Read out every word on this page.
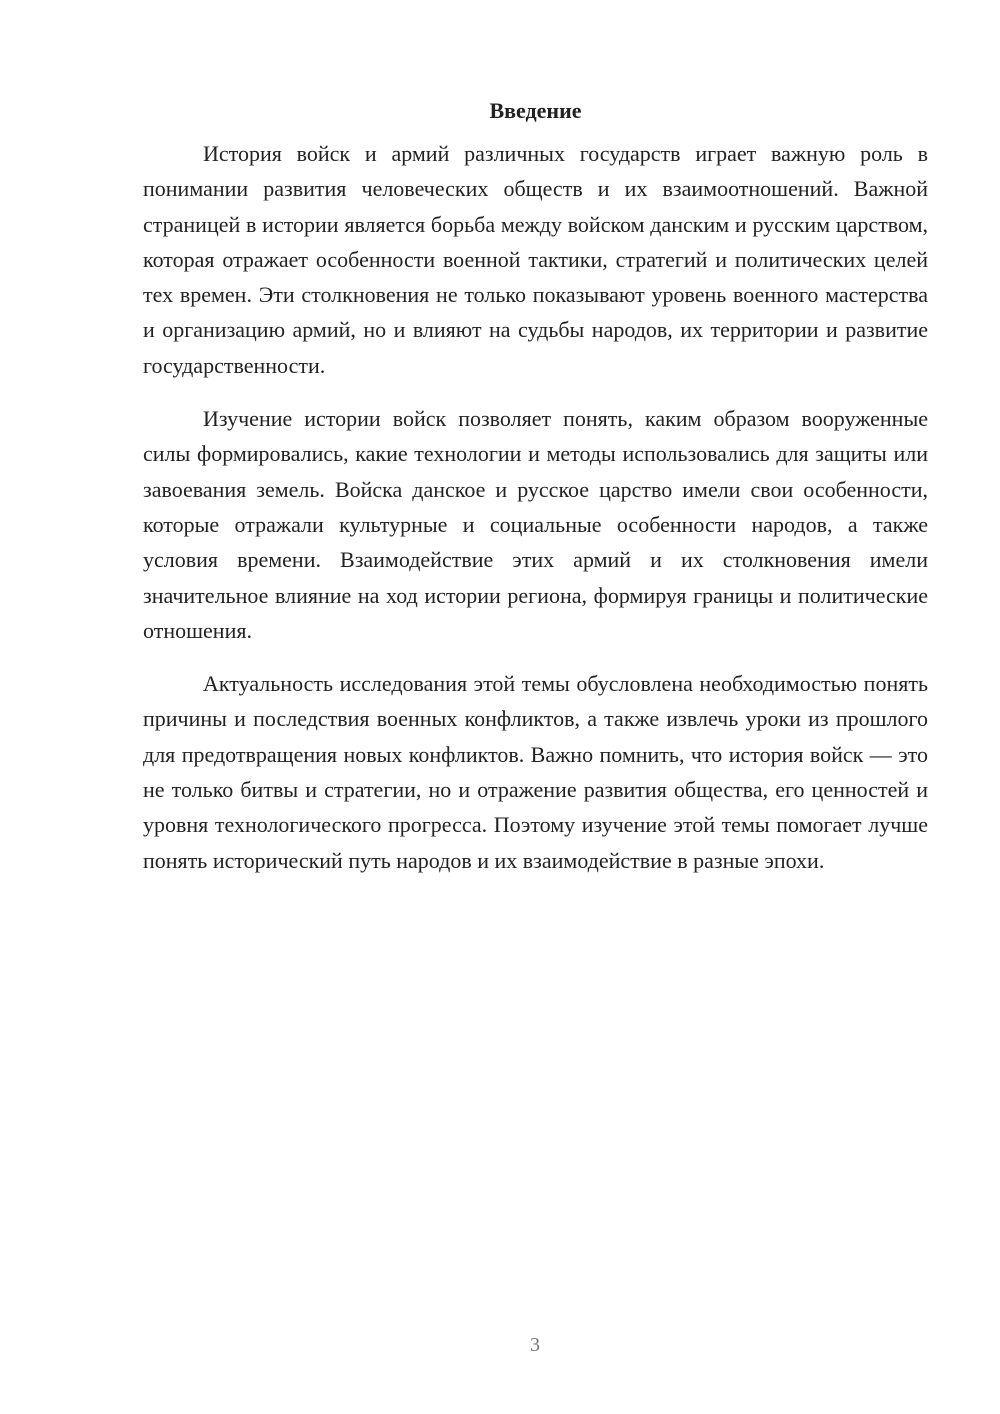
Введение

История войск и армий различных государств играет важную роль в понимании развития человеческих обществ и их взаимоотношений. Важной страницей в истории является борьба между войском данским и русским царством, которая отражает особенности военной тактики, стратегий и политических целей тех времен. Эти столкновения не только показывают уровень военного мастерства и организацию армий, но и влияют на судьбы народов, их территории и развитие государственности.

Изучение истории войск позволяет понять, каким образом вооруженные силы формировались, какие технологии и методы использовались для защиты или завоевания земель. Войска данское и русское царство имели свои особенности, которые отражали культурные и социальные особенности народов, а также условия времени. Взаимодействие этих армий и их столкновения имели значительное влияние на ход истории региона, формируя границы и политические отношения.

Актуальность исследования этой темы обусловлена необходимостью понять причины и последствия военных конфликтов, а также извлечь уроки из прошлого для предотвращения новых конфликтов. Важно помнить, что история войск — это не только битвы и стратегии, но и отражение развития общества, его ценностей и уровня технологического прогресса. Поэтому изучение этой темы помогает лучше понять исторический путь народов и их взаимодействие в разные эпохи.

3
